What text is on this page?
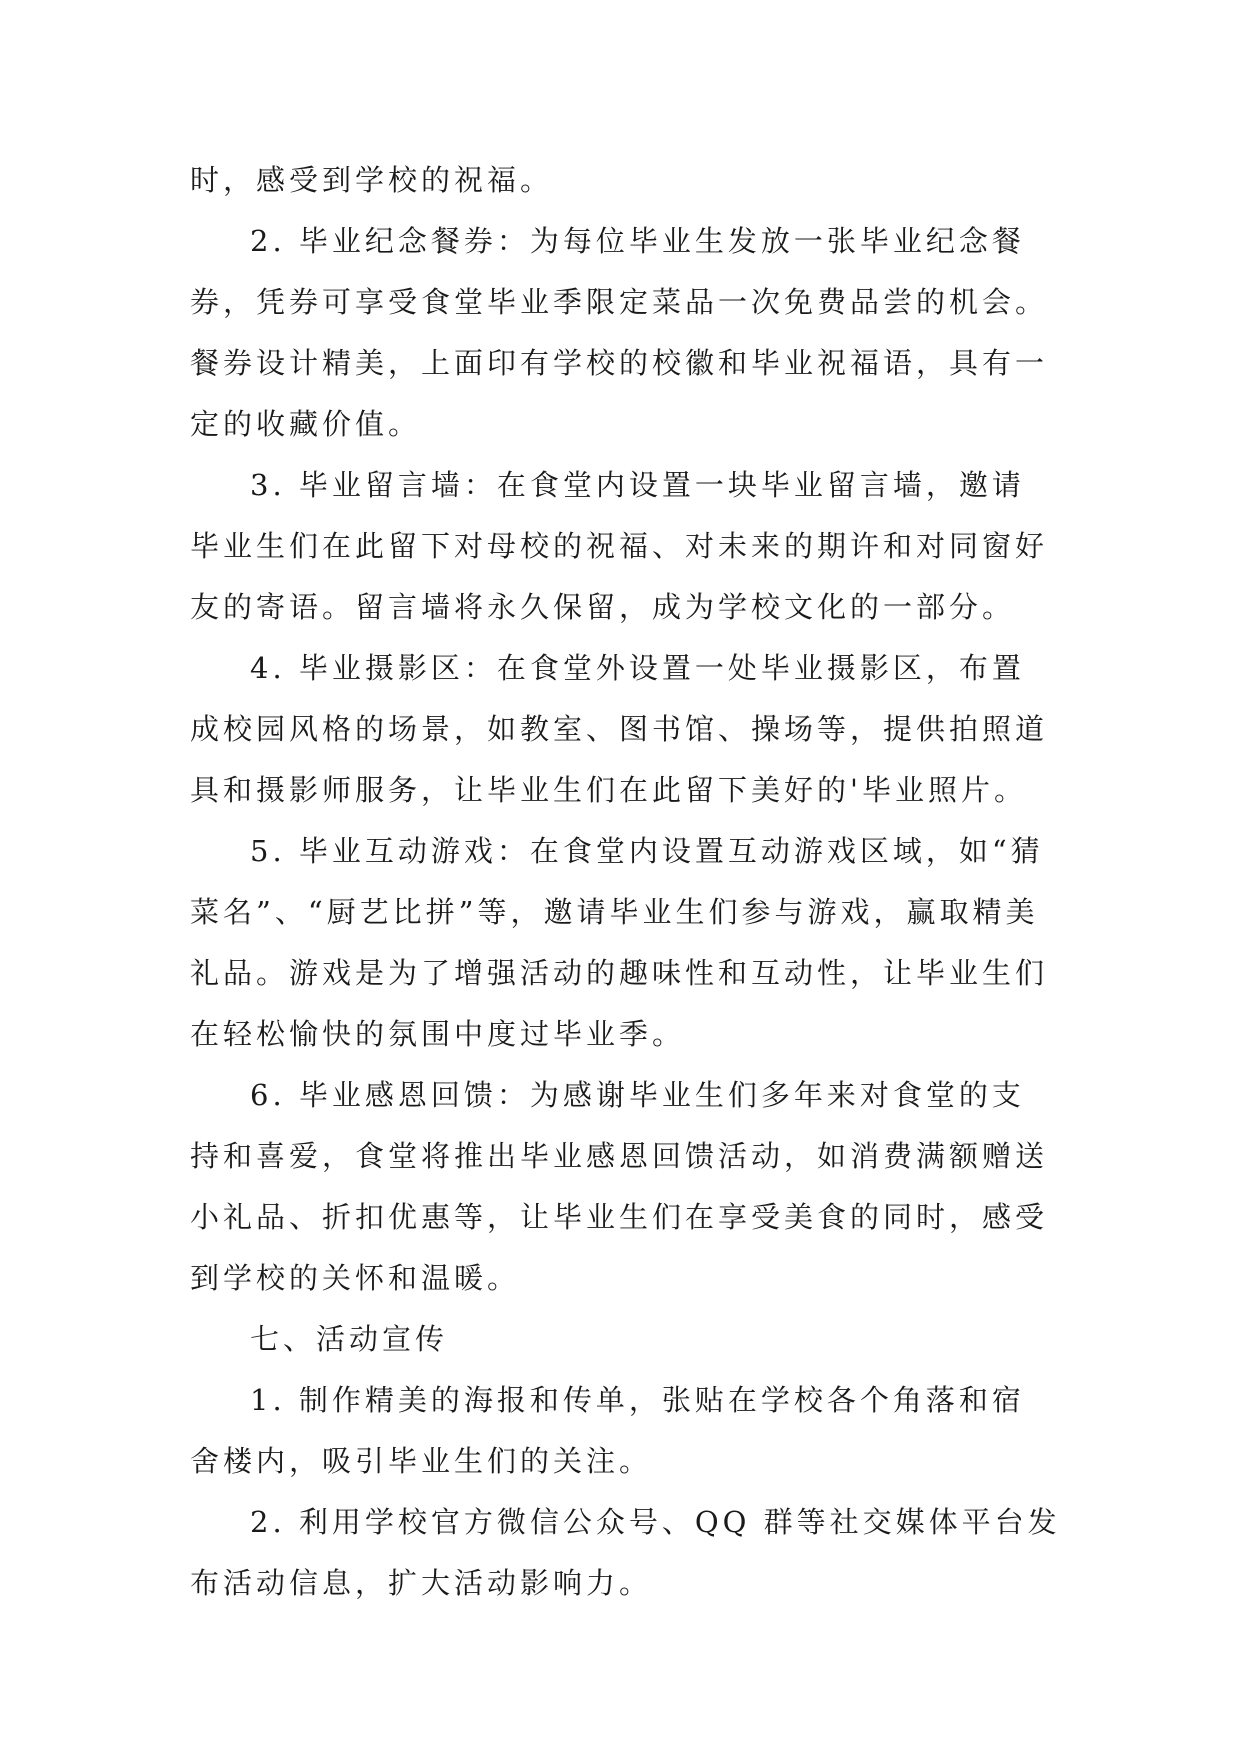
时，感受到学校的祝福。
2. 毕业纪念餐券：为每位毕业生发放一张毕业纪念餐
券，凭券可享受食堂毕业季限定菜品一次免费品尝的机会。
餐券设计精美，上面印有学校的校徽和毕业祝福语，具有一
定的收藏价值。
3. 毕业留言墙：在食堂内设置一块毕业留言墙，邀请
毕业生们在此留下对母校的祝福、对未来的期许和对同窗好
友的寄语。留言墙将永久保留，成为学校文化的一部分。
4. 毕业摄影区：在食堂外设置一处毕业摄影区，布置
成校园风格的场景，如教室、图书馆、操场等，提供拍照道
具和摄影师服务，让毕业生们在此留下美好的'毕业照片。
5. 毕业互动游戏：在食堂内设置互动游戏区域，如“猜
菜名”、“厨艺比拼”等，邀请毕业生们参与游戏，赢取精美
礼品。游戏是为了增强活动的趣味性和互动性，让毕业生们
在轻松愉快的氛围中度过毕业季。
6. 毕业感恩回馈：为感谢毕业生们多年来对食堂的支
持和喜爱，食堂将推出毕业感恩回馈活动，如消费满额赠送
小礼品、折扣优惠等，让毕业生们在享受美食的同时，感受
到学校的关怀和温暖。
七、活动宣传
1. 制作精美的海报和传单，张贴在学校各个角落和宿
舍楼内，吸引毕业生们的关注。
2. 利用学校官方微信公众号、QQ 群等社交媒体平台发
布活动信息，扩大活动影响力。
